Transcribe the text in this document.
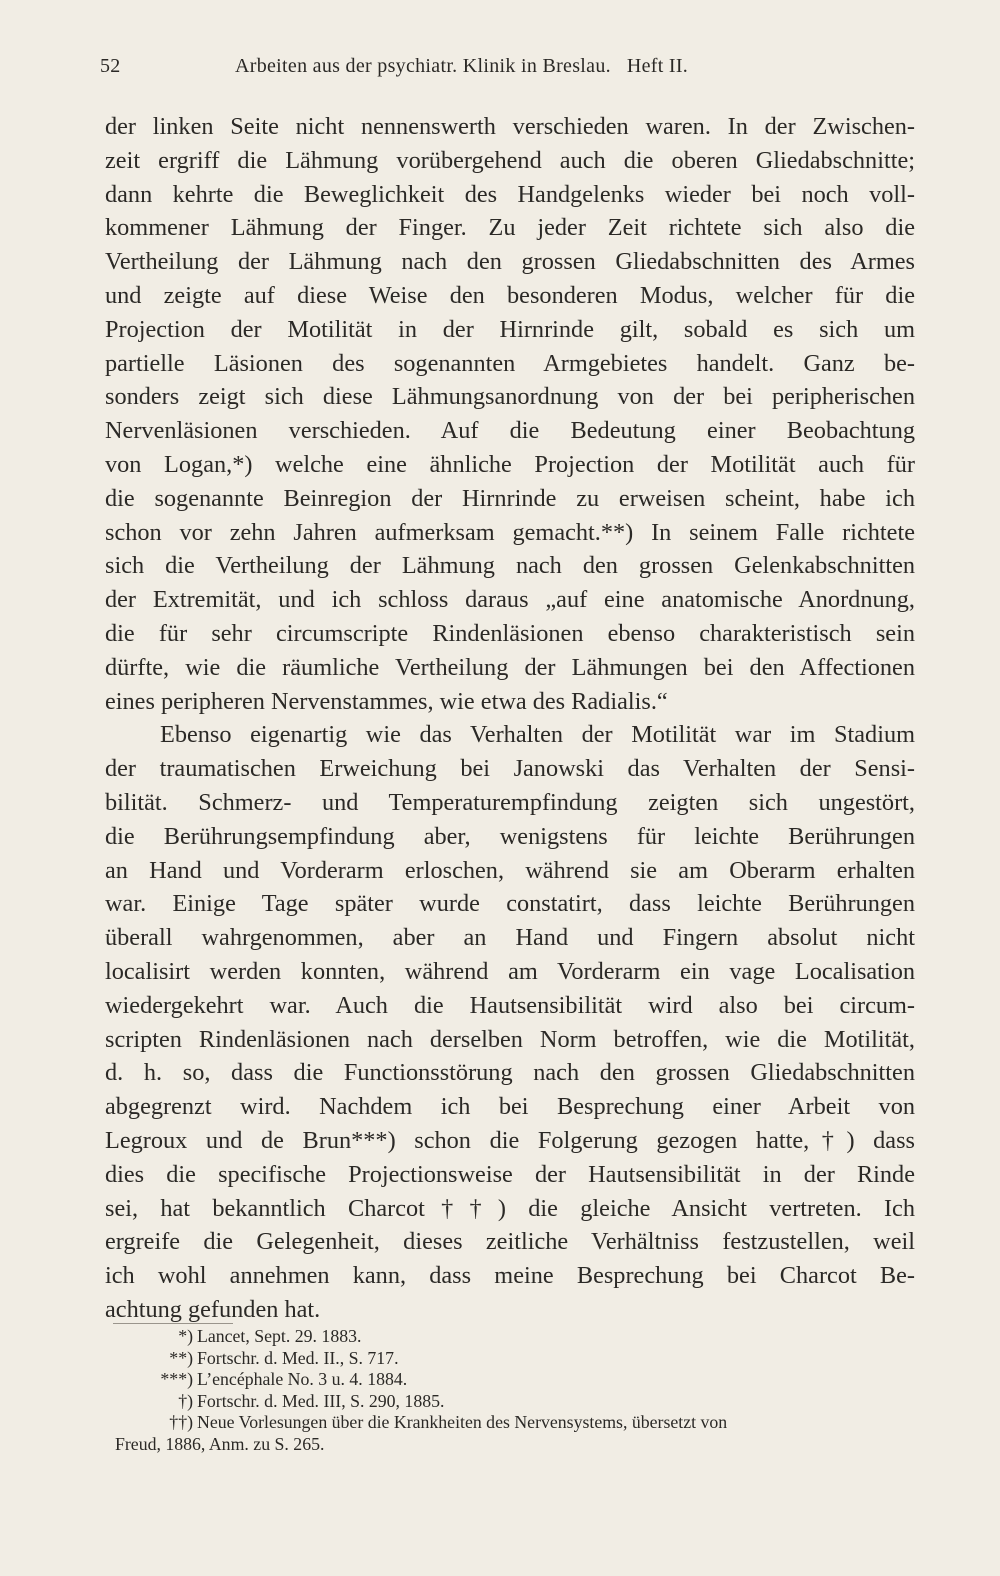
52	Arbeiten aus der psychiatr. Klinik in Breslau.   Heft II.
der linken Seite nicht nennenswerth verschieden waren. In der Zwischen-
zeit ergriff die Lähmung vorübergehend auch die oberen Gliedabschnitte;
dann kehrte die Beweglichkeit des Handgelenks wieder bei noch voll-
kommener Lähmung der Finger. Zu jeder Zeit richtete sich also die
Vertheilung der Lähmung nach den grossen Gliedabschnitten des Armes
und zeigte auf diese Weise den besonderen Modus, welcher für die
Projection der Motilität in der Hirnrinde gilt, sobald es sich um
partielle Läsionen des sogenannten Armgebietes handelt. Ganz be-
sonders zeigt sich diese Lähmungsanordnung von der bei peripherischen
Nervenläsionen verschieden. Auf die Bedeutung einer Beobachtung
von Logan,*) welche eine ähnliche Projection der Motilität auch für
die sogenannte Beinregion der Hirnrinde zu erweisen scheint, habe ich
schon vor zehn Jahren aufmerksam gemacht.**) In seinem Falle richtete
sich die Vertheilung der Lähmung nach den grossen Gelenkabschnitten
der Extremität, und ich schloss daraus „auf eine anatomische Anordnung,
die für sehr circumscripte Rindenläsionen ebenso charakteristisch sein
dürfte, wie die räumliche Vertheilung der Lähmungen bei den Affectionen
eines peripheren Nervenstammes, wie etwa des Radialis.“
Ebenso eigenartig wie das Verhalten der Motilität war im Stadium
der traumatischen Erweichung bei Janowski das Verhalten der Sensi-
bilität. Schmerz- und Temperaturempfindung zeigten sich ungestört,
die Berührungsempfindung aber, wenigstens für leichte Berührungen
an Hand und Vorderarm erloschen, während sie am Oberarm erhalten
war. Einige Tage später wurde constatirt, dass leichte Berührungen
überall wahrgenommen, aber an Hand und Fingern absolut nicht
localisirt werden konnten, während am Vorderarm ein vage Localisation
wiedergekehrt war. Auch die Hautsensibilität wird also bei circum-
scripten Rindenläsionen nach derselben Norm betroffen, wie die Motilität,
d. h. so, dass die Functionsstörung nach den grossen Gliedabschnitten
abgegrenzt wird. Nachdem ich bei Besprechung einer Arbeit von
Legroux und de Brun***) schon die Folgerung gezogen hatte,†) dass
dies die specifische Projectionsweise der Hautsensibilität in der Rinde
sei, hat bekanntlich Charcot††) die gleiche Ansicht vertreten. Ich
ergreife die Gelegenheit, dieses zeitliche Verhältniss festzustellen, weil
ich wohl annehmen kann, dass meine Besprechung bei Charcot Be-
achtung gefunden hat.
*) Lancet, Sept. 29. 1883.
**) Fortschr. d. Med. II., S. 717.
***) L’encéphale No. 3 u. 4. 1884.
†) Fortschr. d. Med. III, S. 290, 1885.
††) Neue Vorlesungen über die Krankheiten des Nervensystems, übersetzt von
Freud, 1886, Anm. zu S. 265.
